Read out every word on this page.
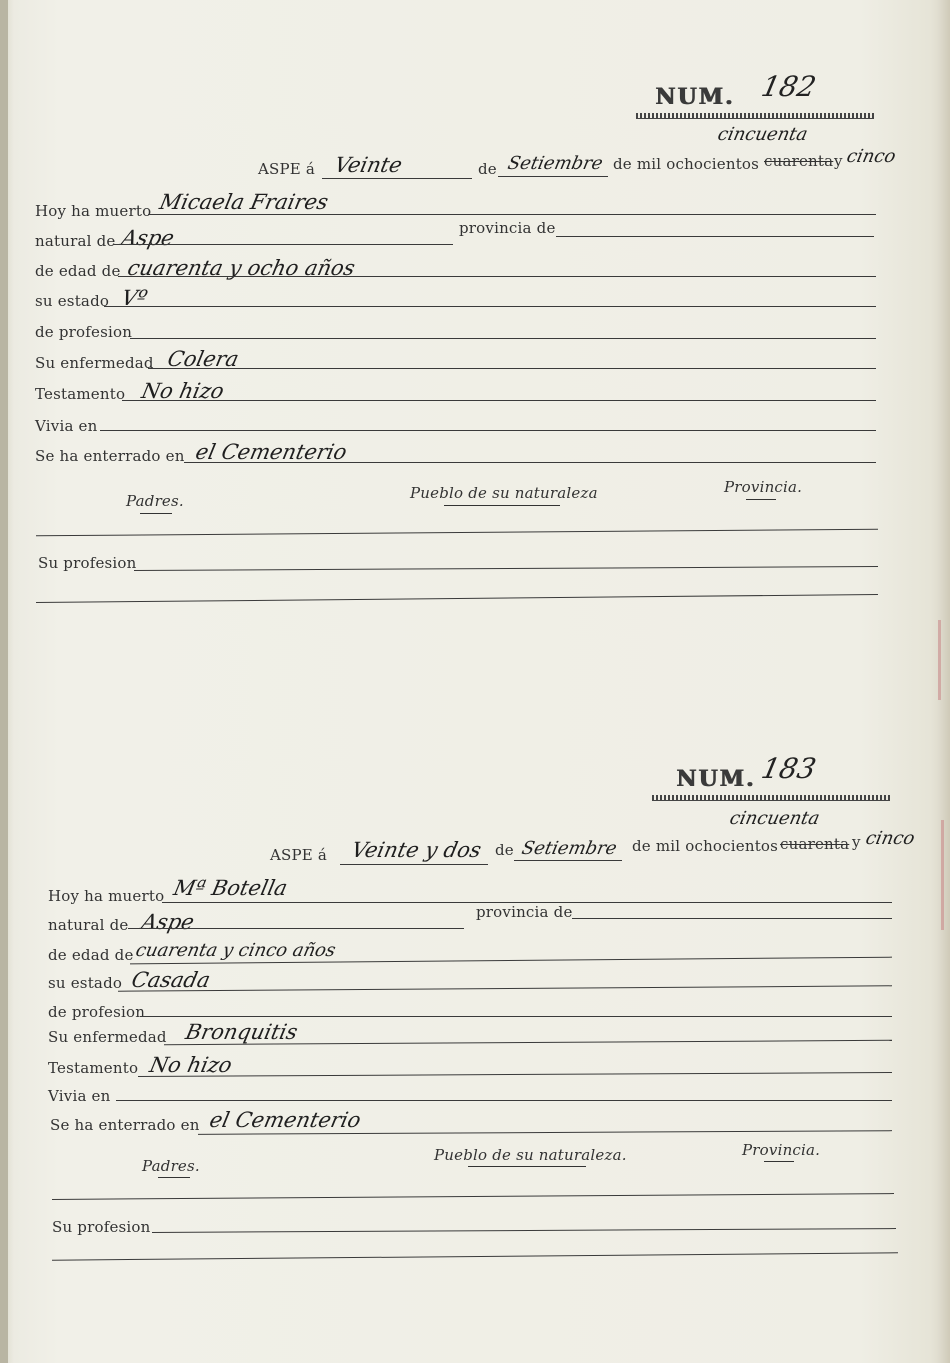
NUM. 182
cincuenta
ASPE á Veinte	de Setiembre de mil ochocientos cuarenta y cinco
Hoy ha muerto Micaela Fraires
natural de Aspe	provincia de
de edad de cuarenta y ocho años
su estado Vº
de profesion
Su enfermedad Colera
Testamento No hizo
Vivia en
Se ha enterrado en el Cementerio
Padres.	Pueblo de su naturaleza	Provincia.
Su profesion
NUM. 183
cincuenta
ASPE á Veinte y dos de Setiembre de mil ochocientos cuarenta y cinco
Hoy ha muerto Mª Botella
natural de Aspe	provincia de
de edad de cuarenta y cinco años
su estado Casada
de profesion
Su enfermedad Bronquitis
Testamento No hizo
Vivia en
Se ha enterrado en el Cementerio
Padres.
Pueblo de su naturaleza.	Provincia.
Su profesion
